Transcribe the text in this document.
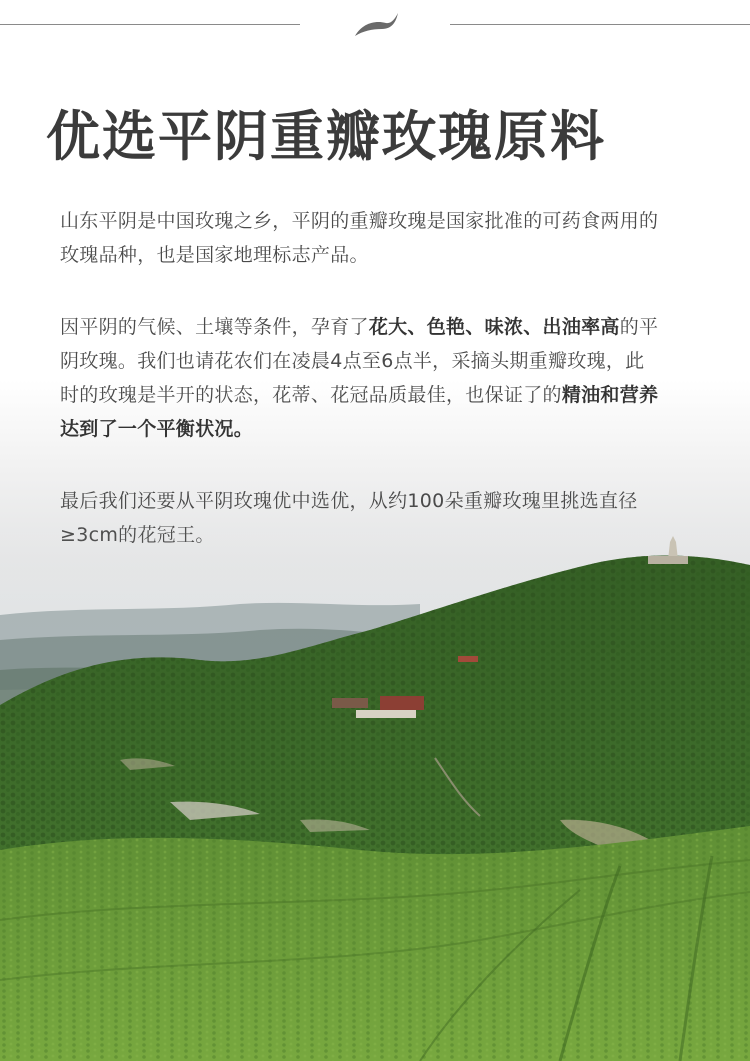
优选平阴重瓣玫瑰原料

山东平阴是中国玫瑰之乡，平阴的重瓣玫瑰是国家批准的可药食两用的玫瑰品种，也是国家地理标志产品。

因平阴的气候、土壤等条件，孕育了花大、色艳、味浓、出油率高的平阴玫瑰。我们也请花农们在凌晨4点至6点半，采摘头期重瓣玫瑰，此时的玫瑰是半开的状态，花蒂、花冠品质最佳，也保证了的精油和营养达到了一个平衡状况。

最后我们还要从平阴玫瑰优中选优，从约100朵重瓣玫瑰里挑选直径
